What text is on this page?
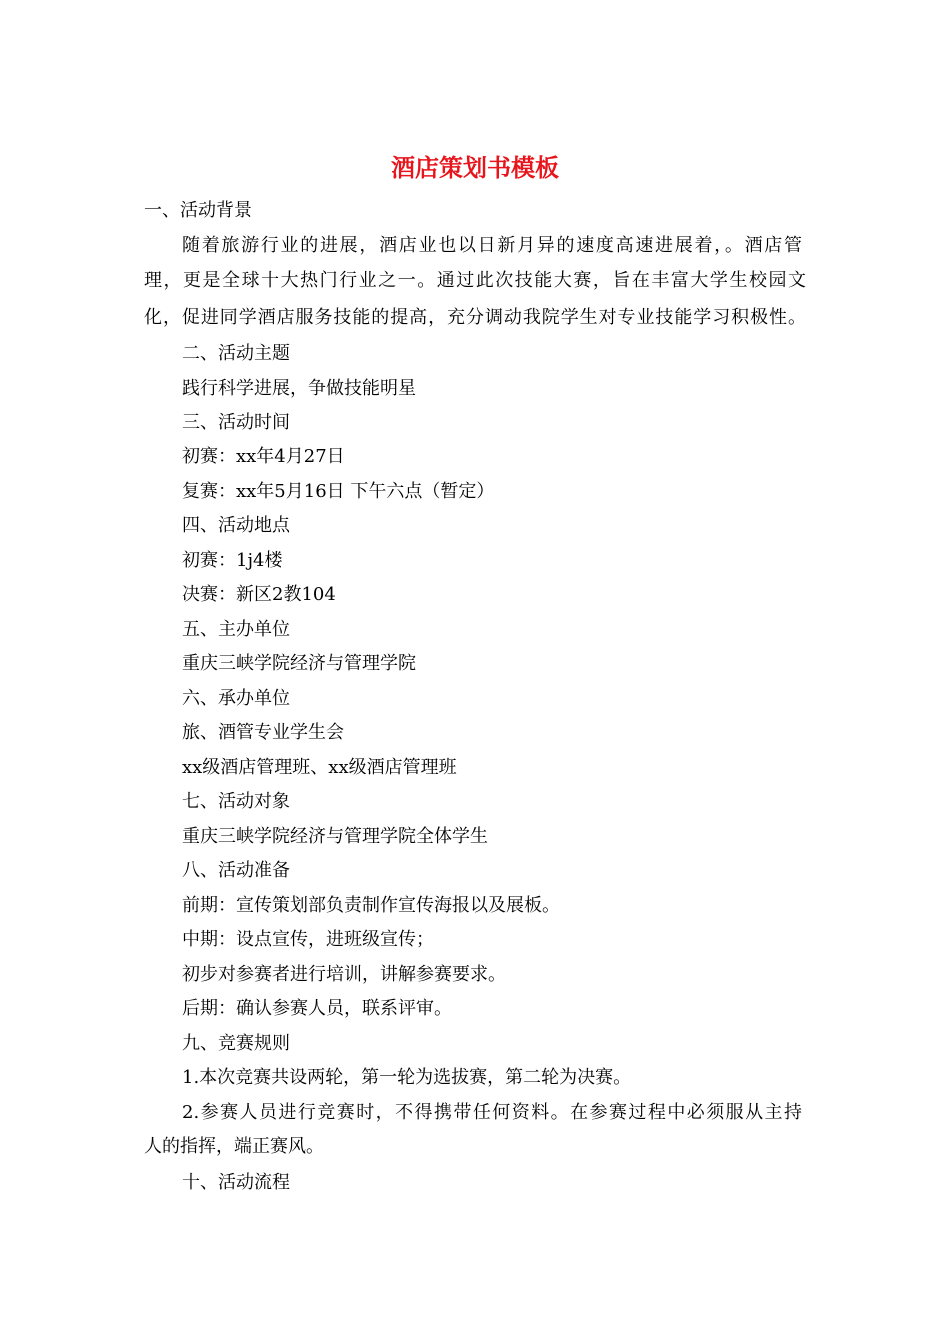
酒店策划书模板
一、活动背景
随着旅游行业的进展，酒店业也以日新月异的速度高速进展着，。酒店管
理，更是全球十大热门行业之一。通过此次技能大赛，旨在丰富大学生校园文
化，促进同学酒店服务技能的提高，充分调动我院学生对专业技能学习积极性。
二、活动主题
践行科学进展，争做技能明星
三、活动时间
初赛：xx年4月27日
复赛：xx年5月16日 下午六点（暂定）
四、活动地点
初赛：1j4楼
决赛：新区2教104
五、主办单位
重庆三峡学院经济与管理学院
六、承办单位
旅、酒管专业学生会
xx级酒店管理班、xx级酒店管理班
七、活动对象
重庆三峡学院经济与管理学院全体学生
八、活动准备
前期：宣传策划部负责制作宣传海报以及展板。
中期：设点宣传，进班级宣传；
初步对参赛者进行培训，讲解参赛要求。
后期：确认参赛人员，联系评审。
九、竞赛规则
1.本次竞赛共设两轮，第一轮为选拔赛，第二轮为决赛。
2.参赛人员进行竞赛时，不得携带任何资料。在参赛过程中必须服从主持
人的指挥，端正赛风。
十、活动流程
